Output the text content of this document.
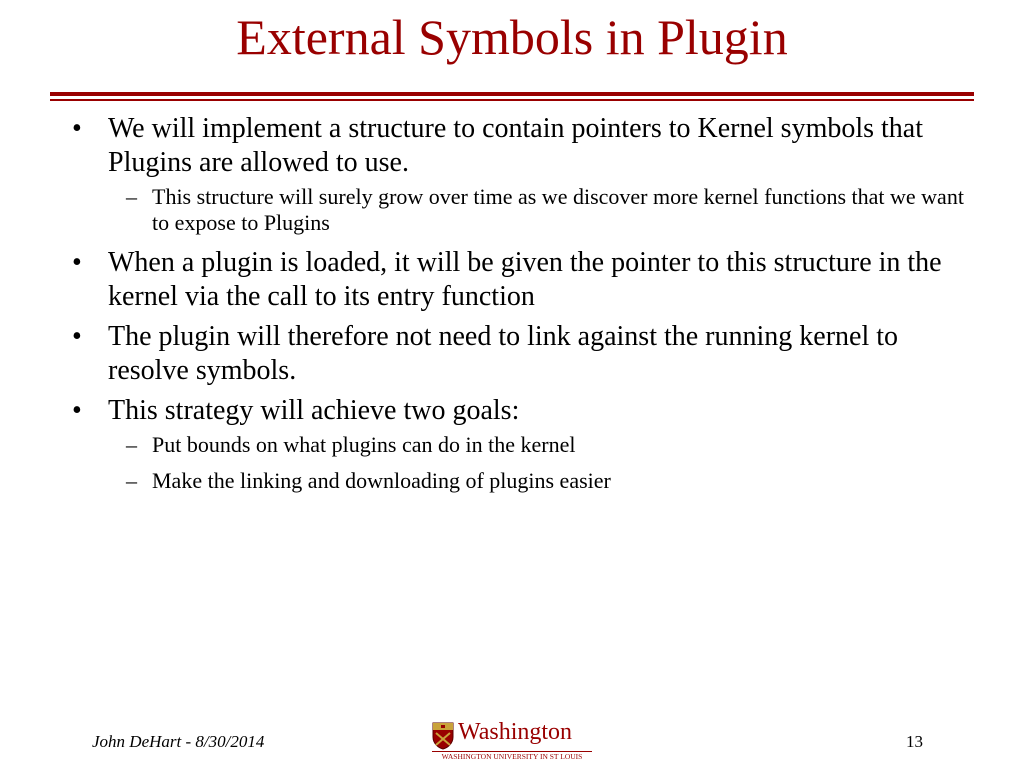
External Symbols in Plugin
• We will implement a structure to contain pointers to Kernel symbols that Plugins are allowed to use.
– This structure will surely grow over time as we discover more kernel functions that we want to expose to Plugins
• When a plugin is loaded, it will be given the pointer to this structure in the kernel via the call to its entry function
• The plugin will therefore not need to link against the running kernel to resolve symbols.
• This strategy will achieve two goals:
– Put bounds on what plugins can do in the kernel
– Make the linking and downloading of plugins easier
John DeHart - 8/30/2014	Washington
WASHINGTON UNIVERSITY IN ST LOUIS
13
